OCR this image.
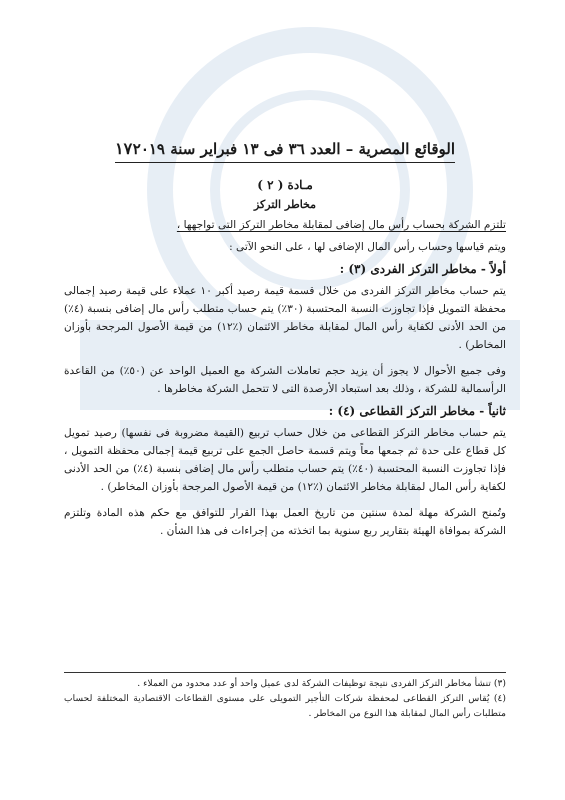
الوقائع المصرية – العدد ٣٦ فى ١٣ فبراير سنة ٢٠١٩
١٧
مـادة ( ٢ )
مخاطر التركز
تلتزم الشركة بحساب رأس مال إضافى لمقابلة مخاطر التركز التى تواجهها ،
ويتم قياسها وحساب رأس المال الإضافى لها ، على النحو الآتى :
أولاً - مخاطر التركز الفردى (٣) :

يتم حساب مخاطر التركز الفردى من خلال قسمة قيمة رصيد أكبر ١٠ عملاء على قيمة رصيد إجمالى محفظة التمويل فإذا تجاوزت النسبة المحتسبة (٣٠٪) يتم حساب متطلب رأس مال إضافى بنسبة (٤٪) من الحد الأدنى لكفاية رأس المال لمقابلة مخاطر الائتمان (٪١٢) من قيمة الأصول المرجحة بأوزان المخاطر) .

وفى جميع الأحوال لا يجوز أن يزيد حجم تعاملات الشركة مع العميل الواحد عن (٥٠٪) من القاعدة الرأسمالية للشركة ، وذلك بعد استبعاد الأرصدة التى لا تتحمل الشركة مخاطرها .

ثانياً - مخاطر التركز القطاعى (٤) :

يتم حساب مخاطر التركز القطاعى من خلال حساب تربيع (القيمة مضروبة فى نفسها) رصيد تمويل كل قطاع على حدة ثم جمعها معاً ويتم قسمة حاصل الجمع على تربيع قيمة إجمالى محفظة التمويل ، فإذا تجاوزت النسبة المحتسبة (٤٠٪) يتم حساب متطلب رأس مال إضافى بنسبة (٤٪) من الحد الأدنى لكفاية رأس المال لمقابلة مخاطر الائتمان (٪١٢) من قيمة الأصول المرجحة بأوزان المخاطر) .

وتُمنح الشركة مهلة لمدة سنتين من تاريخ العمل بهذا القرار للتوافق مع حكم هذه المادة وتلتزم الشركة بموافاة الهيئة بتقارير ربع سنوية بما اتخذته من إجراءات فى هذا الشأن .

(٣) تنشأ مخاطر التركز الفردى نتيجة توظيفات الشركة لدى عميل واحد أو عدد محدود من العملاء .

(٤) يُقاس التركز القطاعى لمحفظة شركات التأجير التمويلى على مستوى القطاعات الاقتصادية المختلفة لحساب متطلبات رأس المال لمقابلة هذا النوع من المخاطر .
